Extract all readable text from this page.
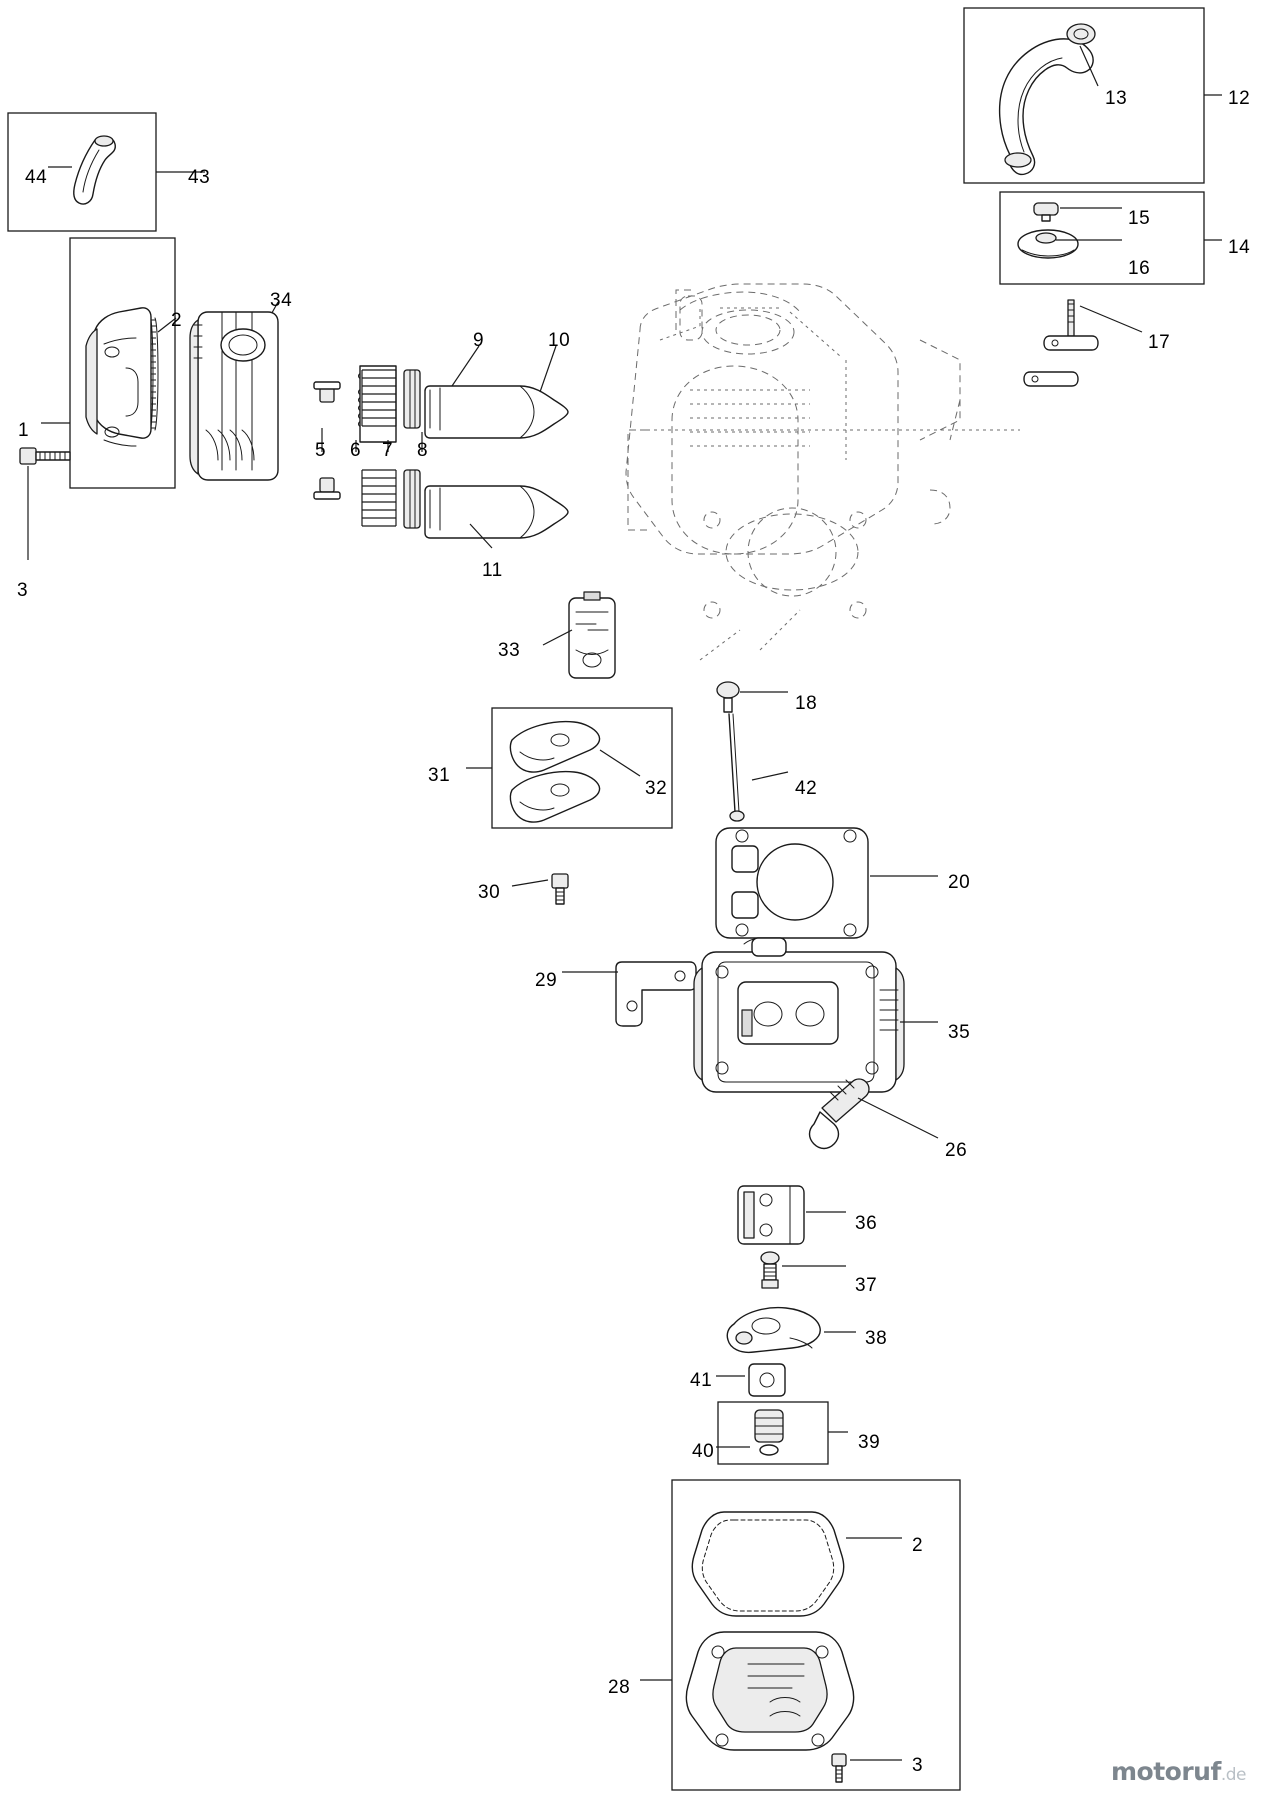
1
2
3
34
5 6 7 8
9	10
11
44	43
13	12
15
16
14
17
33
18
42
31
32
30	20
29
35
26
36
37
38
41
40	39
2
28
3	motoruf.de
